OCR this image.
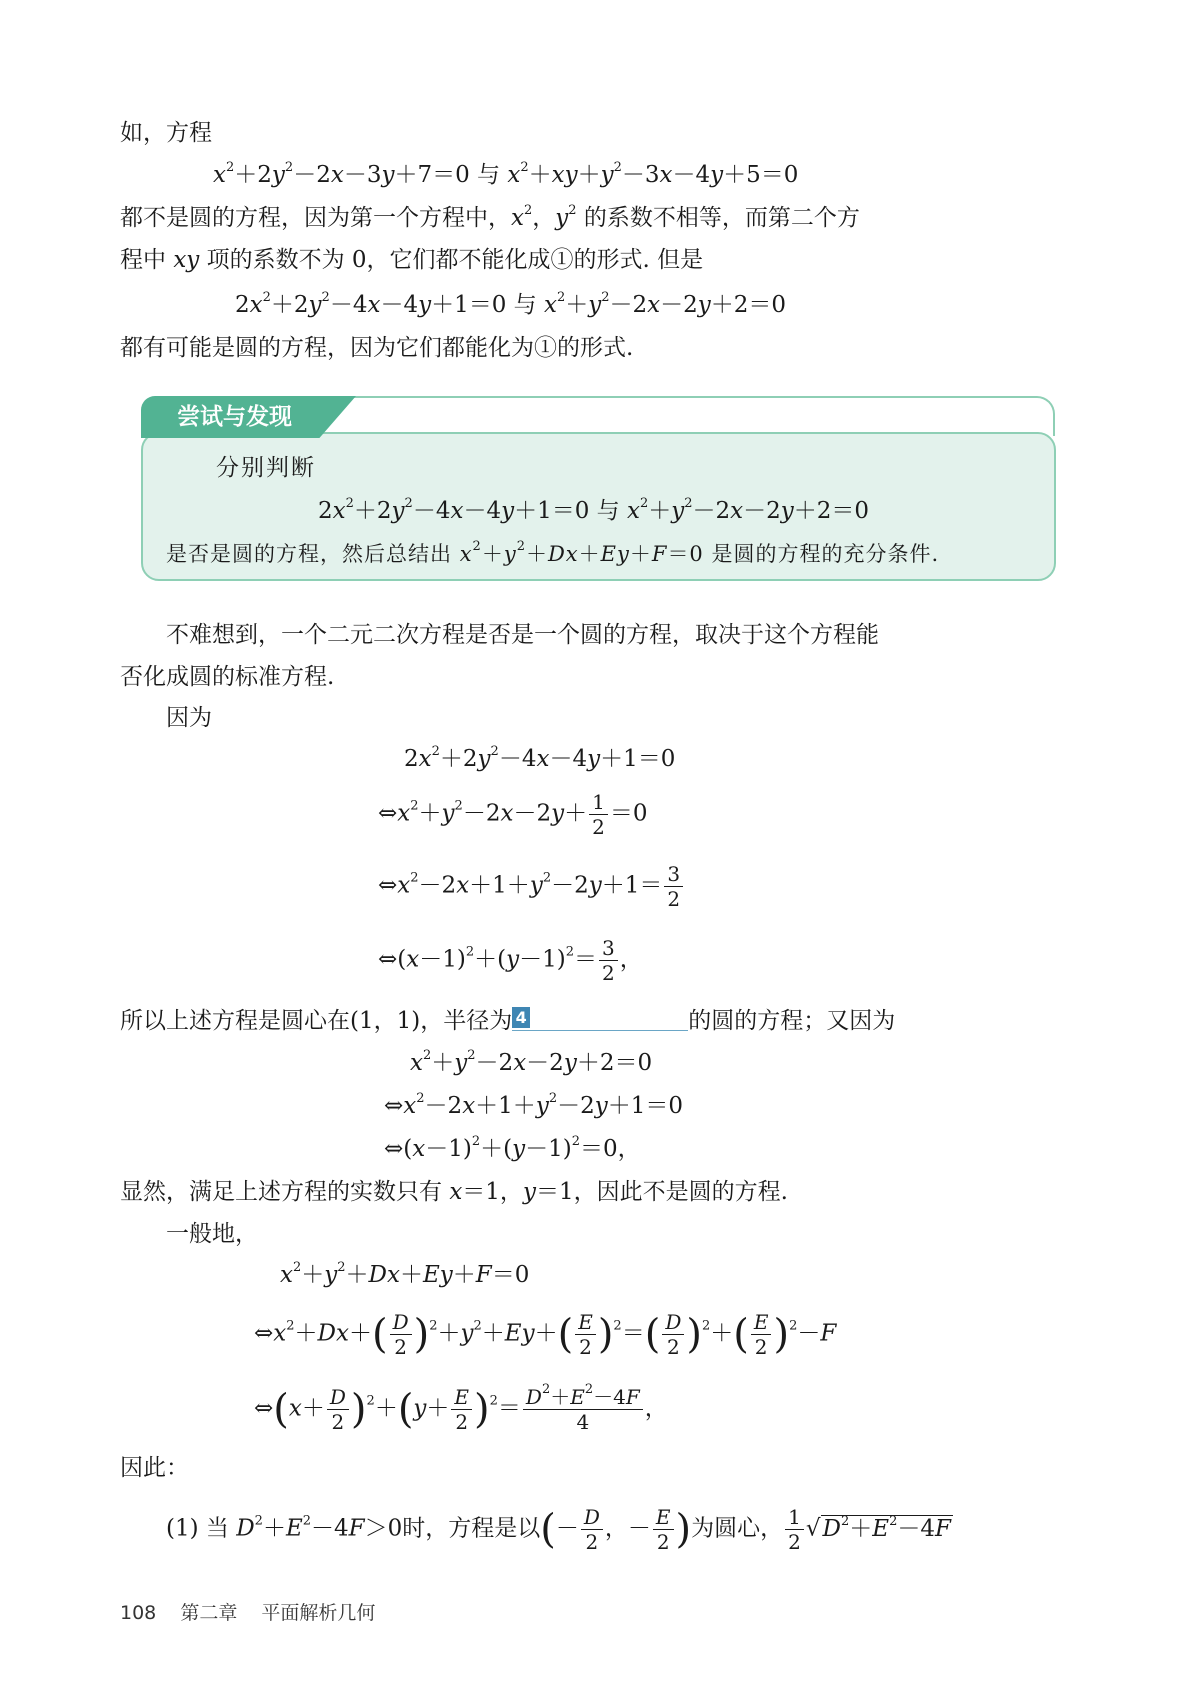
如，方程
$x^2+2y^2-2x-3y+7=0$ 与 $x^2+xy+y^2-3x-4y+5=0$
都不是圆的方程，因为第一个方程中，$x^2$，$y^2$ 的系数不相等，而第二个方
程中 xy 项的系数不为 0，它们都不能化成①的形式. 但是
$2x^2+2y^2-4x-4y+1=0$ 与 $x^2+y^2-2x-2y+2=0$
都有可能是圆的方程，因为它们都能化为①的形式.
尝试与发现
分别判断
$2x^2+2y^2-4x-4y+1=0$ 与 $x^2+y^2-2x-2y+2=0$
是否是圆的方程，然后总结出 $x^2+y^2+Dx+Ey+F=0$ 是圆的方程的充分条件.
不难想到，一个二元二次方程是否是一个圆的方程，取决于这个方程能
否化成圆的标准方程.
因为
$2x^2+2y^2-4x-4y+1=0$
$\Leftrightarrow x^2+y^2-2x-2y+ \frac{1}{2} =0$
$\Leftrightarrow x^2-2x+1+y^2-2y+1= \frac{3}{2}$
$\Leftrightarrow(x-1)^2+(y-1)^2= \frac{3}{2}$ ，
所以上述方程是圆心在(1，1)，半径为 4	的圆的方程；又因为
$x^2+y^2-2x-2y+2=0$
$\Leftrightarrow x^2-2x+1+y^2-2y+1=0$
$\Leftrightarrow(x-1)^2+(y-1)^2=0$，
显然，满足上述方程的实数只有 x＝1，y＝1，因此不是圆的方程.
一般地，
$x^2+y^2+Dx+Ey+F=0$
$\Leftrightarrow x^2+Dx+( \frac{D}{2} )^2+y^2+Ey+( \frac{E}{2} )^2=( \frac{D}{2} )^2+( \frac{E}{2} )^2-F$
⇔(x＋ $\frac{D}{2} )^2+(y+ \frac{E}{2} )^2= \frac{D^2+E^2-4F}{4}$ ，
因此：
(1) 当 $D^2+E^2-4F>0$时，方程是以(－ $\frac{D}{2}$ ，－ $\frac{E}{2}$ )为圆心， $\frac{1}{2} √D^2+E^2-4F$
108 第二章 平面解析几何
